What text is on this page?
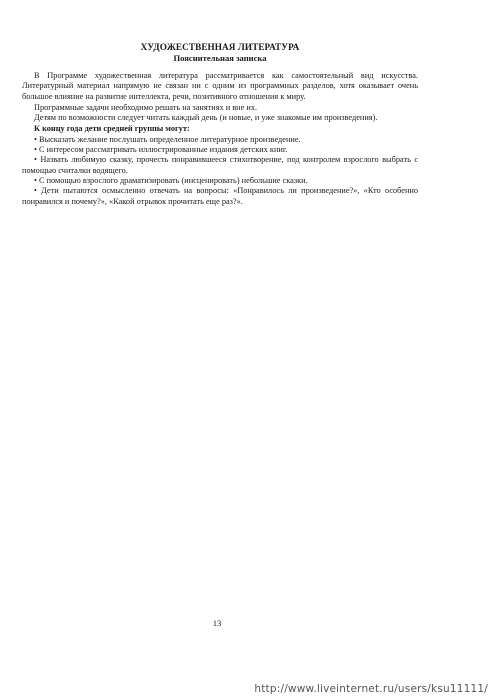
ХУДОЖЕСТВЕННАЯ ЛИТЕРАТУРА
Пояснительная записка

В Программе художественная литература рассматривается как самостоятельный вид искусства. Литературный материал напрямую не связан ни с одним из программных разделов, хотя оказывает очень большое влияние на развитие интеллекта, речи, позитивного отношения к миру.

Программные задачи необходимо решать на занятиях и вне их.

Детям по возможности следует читать каждый день (и новые, и уже знакомые им произведения).

К концу года дети средней группы могут:

• Высказать желание послушать определенное литературное произведение.

• С интересом рассматривать иллюстрированные издания детских книг.

• Назвать любимую сказку, прочесть понравившееся стихотворение, под контролем взрослого выбрать с помощью считалки водящего.

• С помощью взрослого драматизировать (инсценировать) небольшие сказки.

• Дети пытаются осмысленно отвечать на вопросы: «Понравилось ли произведение?», «Кто особенно понравился и почему?», «Какой отрывок прочитать еще раз?».

13
http://www.liveinternet.ru/users/ksu11111/
